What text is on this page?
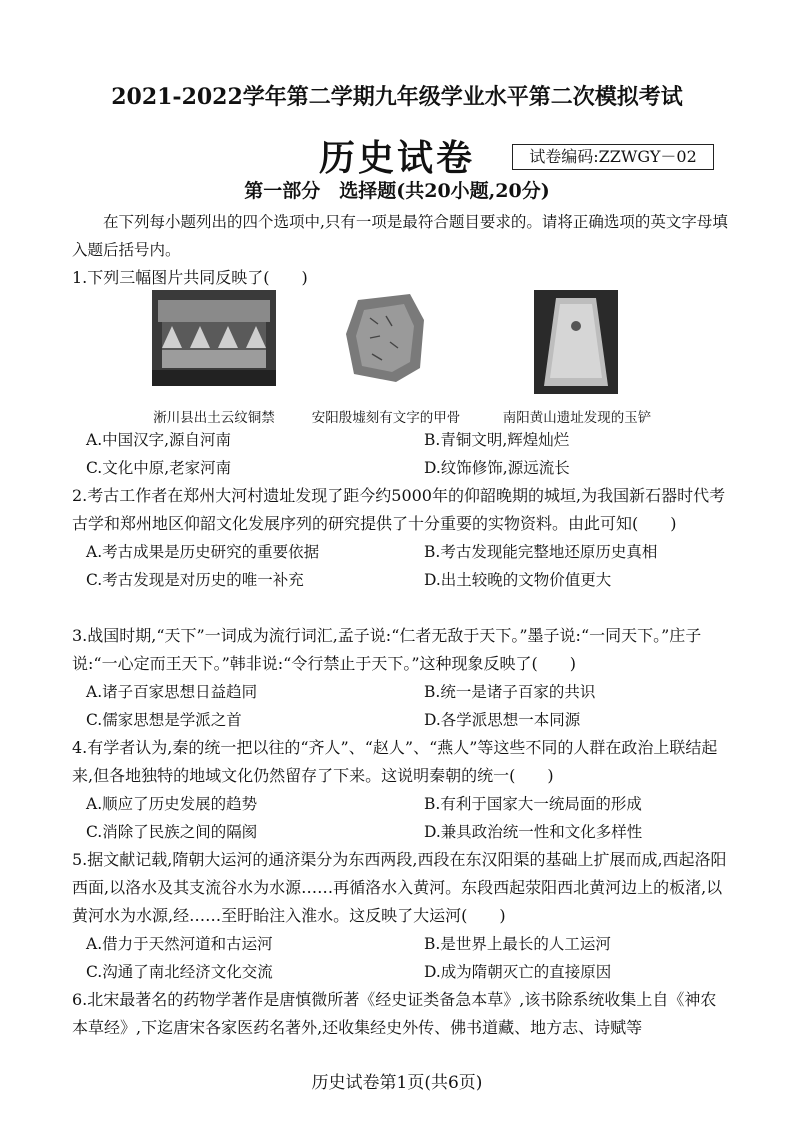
2021-2022学年第二学期九年级学业水平第二次模拟考试
历史试卷	试卷编码:ZZWGY－02
第一部分　选择题(共20小题,20分)
在下列每小题列出的四个选项中,只有一项是最符合题目要求的。请将正确选项的英文字母填入题后括号内。
1.下列三幅图片共同反映了(　　)
淅川县出土云纹铜禁	安阳殷墟刻有文字的甲骨	南阳黄山遗址发现的玉铲
A.中国汉字,源自河南	B.青铜文明,辉煌灿烂
C.文化中原,老家河南	D.纹饰修饰,源远流长
2.考古工作者在郑州大河村遗址发现了距今约5000年的仰韶晚期的城垣,为我国新石器时代考古学和郑州地区仰韶文化发展序列的研究提供了十分重要的实物资料。由此可知(　　)
A.考古成果是历史研究的重要依据	B.考古发现能完整地还原历史真相
C.考古发现是对历史的唯一补充	D.出土较晚的文物价值更大
3.战国时期,“天下”一词成为流行词汇,孟子说:“仁者无敌于天下。”墨子说:“一同天下。”庄子说:“一心定而王天下。”韩非说:“令行禁止于天下。”这种现象反映了(　　)
A.诸子百家思想日益趋同	B.统一是诸子百家的共识
C.儒家思想是学派之首	D.各学派思想一本同源
4.有学者认为,秦的统一把以往的“齐人”、“赵人”、“燕人”等这些不同的人群在政治上联结起来,但各地独特的地域文化仍然留存了下来。这说明秦朝的统一(　　)
A.顺应了历史发展的趋势	B.有利于国家大一统局面的形成
C.消除了民族之间的隔阂	D.兼具政治统一性和文化多样性
5.据文献记载,隋朝大运河的通济渠分为东西两段,西段在东汉阳渠的基础上扩展而成,西起洛阳西面,以洛水及其支流谷水为水源……再循洛水入黄河。东段西起荥阳西北黄河边上的板渚,以黄河水为水源,经……至盱眙注入淮水。这反映了大运河(　　)
A.借力于天然河道和古运河	B.是世界上最长的人工运河
C.沟通了南北经济文化交流	D.成为隋朝灭亡的直接原因
6.北宋最著名的药物学著作是唐慎微所著《经史证类备急本草》,该书除系统收集上自《神农本草经》,下迄唐宋各家医药名著外,还收集经史外传、佛书道藏、地方志、诗赋等
历史试卷第1页(共6页)
